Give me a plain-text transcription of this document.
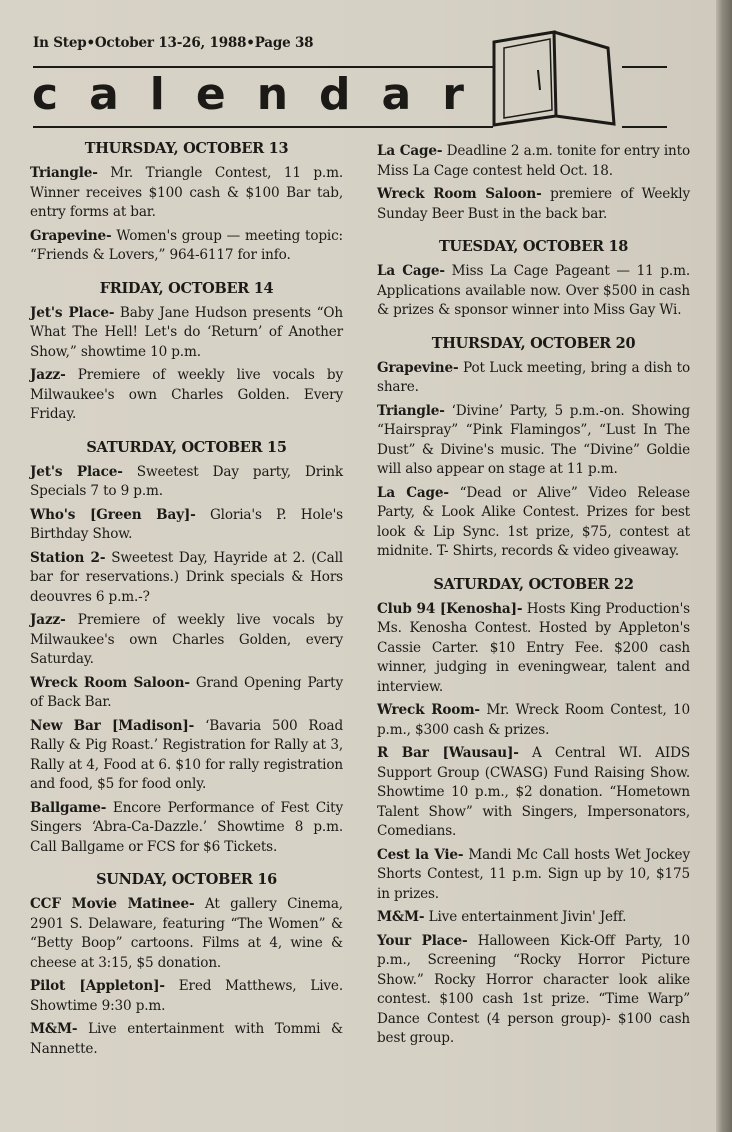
In Step•October 13-26, 1988•Page 38
calendar
THURSDAY, OCTOBER 13
Triangle- Mr. Triangle Contest, 11 p.m. Winner receives $100 cash & $100 Bar tab, entry forms at bar.
Grapevine- Women's group — meeting topic: “Friends & Lovers,” 964-6117 for info.
FRIDAY, OCTOBER 14
Jet's Place- Baby Jane Hudson presents “Oh What The Hell! Let's do ‘Return’ of Another Show,” showtime 10 p.m.
Jazz- Premiere of weekly live vocals by Milwaukee's own Charles Golden. Every Friday.
SATURDAY, OCTOBER 15
Jet's Place- Sweetest Day party, Drink Specials 7 to 9 p.m.
Who's [Green Bay]- Gloria's P. Hole's Birthday Show.
Station 2- Sweetest Day, Hayride at 2. (Call bar for reservations.) Drink specials & Hors deouvres 6 p.m.-?
Jazz- Premiere of weekly live vocals by Milwaukee's own Charles Golden, every Saturday.
Wreck Room Saloon- Grand Opening Party of Back Bar.
New Bar [Madison]- ‘Bavaria 500 Road Rally & Pig Roast.’ Registration for Rally at 3, Rally at 4, Food at 6. $10 for rally registration and food, $5 for food only.
Ballgame- Encore Performance of Fest City Singers ‘Abra-Ca-Dazzle.’ Showtime 8 p.m. Call Ballgame or FCS for $6 Tickets.
SUNDAY, OCTOBER 16
CCF Movie Matinee- At gallery Cinema, 2901 S. Delaware, featuring “The Women” & “Betty Boop” cartoons. Films at 4, wine & cheese at 3:15, $5 donation.
Pilot [Appleton]- Ered Matthews, Live. Showtime 9:30 p.m.
M&M- Live entertainment with Tommi & Nannette.
La Cage- Deadline 2 a.m. tonite for entry into Miss La Cage contest held Oct. 18.
Wreck Room Saloon- premiere of Weekly Sunday Beer Bust in the back bar.
TUESDAY, OCTOBER 18
La Cage- Miss La Cage Pageant — 11 p.m. Applications available now. Over $500 in cash & prizes & sponsor winner into Miss Gay Wi.
THURSDAY, OCTOBER 20
Grapevine- Pot Luck meeting, bring a dish to share.
Triangle- ‘Divine’ Party, 5 p.m.-on. Showing “Hairspray” “Pink Flamingos”, “Lust In The Dust” & Divine's music. The “Divine” Goldie will also appear on stage at 11 p.m.
La Cage- “Dead or Alive” Video Release Party, & Look Alike Contest. Prizes for best look & Lip Sync. 1st prize, $75, contest at midnite. T- Shirts, records & video giveaway.
SATURDAY, OCTOBER 22
Club 94 [Kenosha]- Hosts King Production's Ms. Kenosha Contest. Hosted by Appleton's Cassie Carter. $10 Entry Fee. $200 cash winner, judging in eveningwear, talent and interview.
Wreck Room- Mr. Wreck Room Contest, 10 p.m., $300 cash & prizes.
R Bar [Wausau]- A Central WI. AIDS Support Group (CWASG) Fund Raising Show. Showtime 10 p.m., $2 donation. “Hometown Talent Show” with Singers, Impersonators, Comedians.
Cest la Vie- Mandi Mc Call hosts Wet Jockey Shorts Contest, 11 p.m. Sign up by 10, $175 in prizes.
M&M- Live entertainment Jivin' Jeff.
Your Place- Halloween Kick-Off Party, 10 p.m., Screening “Rocky Horror Picture Show.” Rocky Horror character look alike contest. $100 cash 1st prize. “Time Warp” Dance Contest (4 person group)- $100 cash best group.
